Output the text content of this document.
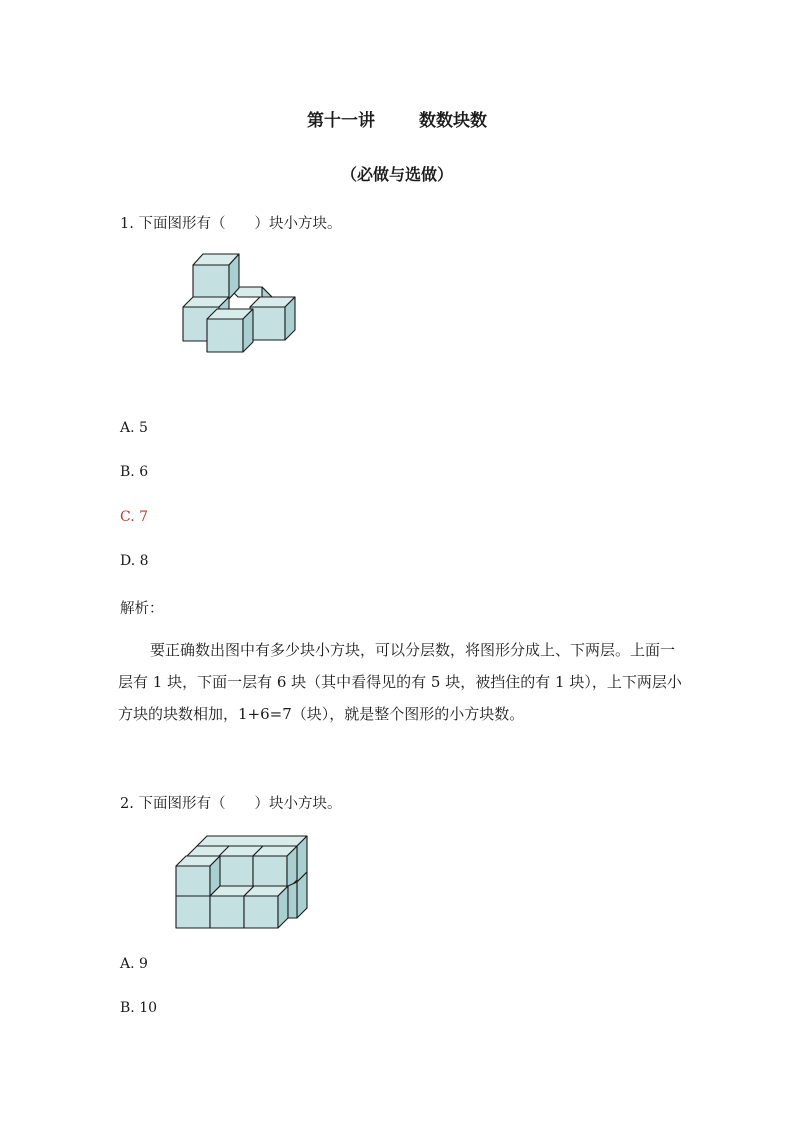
第十一讲	数数块数
（必做与选做）
1. 下面图形有（　　）块小方块。
A. 5
B. 6
C. 7
D. 8
解析：
要正确数出图中有多少块小方块，可以分层数，将图形分成上、下两层。上面一层有 1 块，下面一层有 6 块（其中看得见的有 5 块，被挡住的有 1 块），上下两层小方块的块数相加，1+6=7（块），就是整个图形的小方块数。
2. 下面图形有（　　）块小方块。
A. 9
B. 10
